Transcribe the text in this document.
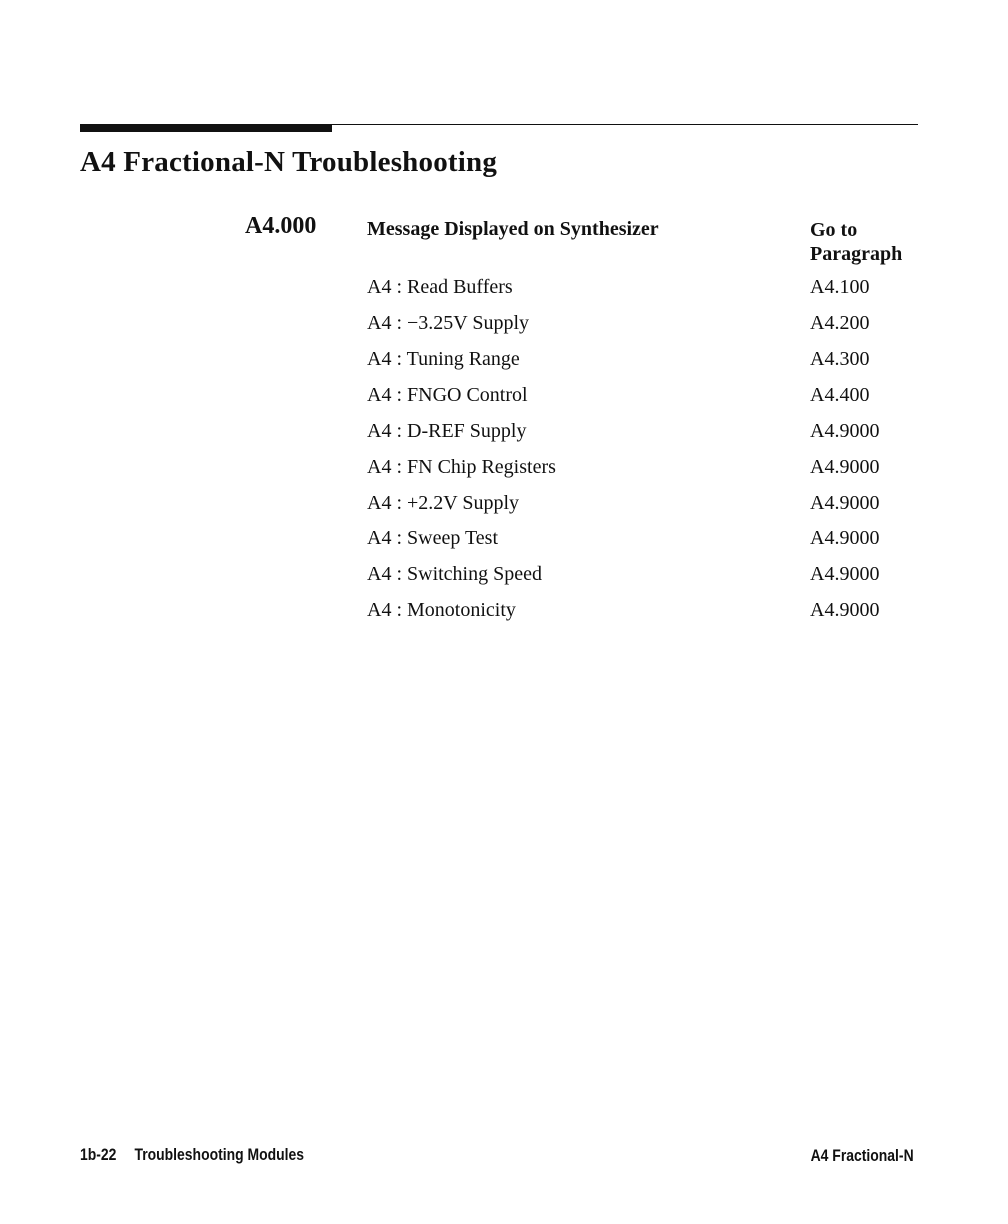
A4 Fractional-N Troubleshooting
A4.000	Message Displayed on Synthesizer	Go to
Paragraph
A4 : Read Buffers	A4.100
A4 : −3.25V Supply	A4.200
A4 : Tuning Range	A4.300
A4 : FNGO Control	A4.400
A4 : D-REF Supply	A4.9000
A4 : FN Chip Registers	A4.9000
A4 : +2.2V Supply	A4.9000
A4 : Sweep Test	A4.9000
A4 : Switching Speed	A4.9000
A4 : Monotonicity	A4.9000
1b-22 Troubleshooting Modules	A4 Fractional-N
